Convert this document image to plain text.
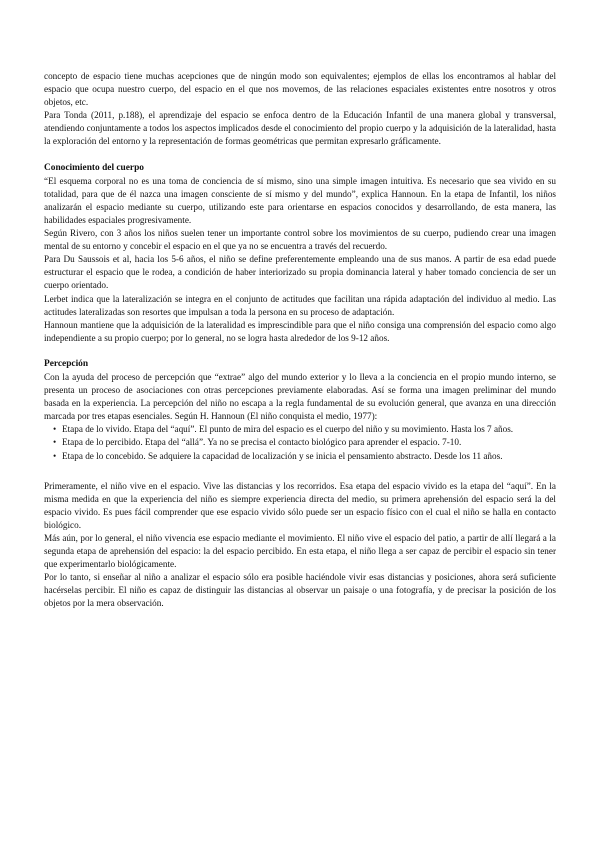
concepto de espacio tiene muchas acepciones que de ningún modo son equivalentes; ejemplos de ellas los encontramos al hablar del espacio que ocupa nuestro cuerpo, del espacio en el que nos movemos, de las relaciones espaciales existentes entre nosotros y otros objetos, etc.

Para Tonda (2011, p.188), el aprendizaje del espacio se enfoca dentro de la Educación Infantil de una manera global y transversal, atendiendo conjuntamente a todos los aspectos implicados desde el conocimiento del propio cuerpo y la adquisición de la lateralidad, hasta la exploración del entorno y la representación de formas geométricas que permitan expresarlo gráficamente.

Conocimiento del cuerpo

“El esquema corporal no es una toma de conciencia de sí mismo, sino una simple imagen intuitiva. Es necesario que sea vivido en su totalidad, para que de él nazca una imagen consciente de sí mismo y del mundo”, explica Hannoun. En la etapa de Infantil, los niños analizarán el espacio mediante su cuerpo, utilizando este para orientarse en espacios conocidos y desarrollando, de esta manera, las habilidades espaciales progresivamente.

Según Rivero, con 3 años los niños suelen tener un importante control sobre los movimientos de su cuerpo, pudiendo crear una imagen mental de su entorno y concebir el espacio en el que ya no se encuentra a través del recuerdo.

Para Du Saussois et al, hacia los 5-6 años, el niño se define preferentemente empleando una de sus manos. A partir de esa edad puede estructurar el espacio que le rodea, a condición de haber interiorizado su propia dominancia lateral y haber tomado conciencia de ser un cuerpo orientado.

Lerbet indica que la lateralización se integra en el conjunto de actitudes que facilitan una rápida adaptación del individuo al medio. Las actitudes lateralizadas son resortes que impulsan a toda la persona en su proceso de adaptación.

Hannoun mantiene que la adquisición de la lateralidad es imprescindible para que el niño consiga una comprensión del espacio como algo independiente a su propio cuerpo; por lo general, no se logra hasta alrededor de los 9-12 años.

Percepción

Con la ayuda del proceso de percepción que “extrae” algo del mundo exterior y lo lleva a la conciencia en el propio mundo interno, se presenta un proceso de asociaciones con otras percepciones previamente elaboradas. Así se forma una imagen preliminar del mundo basada en la experiencia. La percepción del niño no escapa a la regla fundamental de su evolución general, que avanza en una dirección marcada por tres etapas esenciales. Según H. Hannoun (El niño conquista el medio, 1977):

• Etapa de lo vivido. Etapa del “aquí”. El punto de mira del espacio es el cuerpo del niño y su movimiento. Hasta los 7 años.
• Etapa de lo percibido. Etapa del “allá”. Ya no se precisa el contacto biológico para aprender el espacio. 7-10.
• Etapa de lo concebido. Se adquiere la capacidad de localización y se inicia el pensamiento abstracto. Desde los 11 años.

Primeramente, el niño vive en el espacio. Vive las distancias y los recorridos. Esa etapa del espacio vivido es la etapa del “aquí”. En la misma medida en que la experiencia del niño es siempre experiencia directa del medio, su primera aprehensión del espacio será la del espacio vivido. Es pues fácil comprender que ese espacio vivido sólo puede ser un espacio físico con el cual el niño se halla en contacto biológico.

Más aún, por lo general, el niño vivencia ese espacio mediante el movimiento. El niño vive el espacio del patio, a partir de allí llegará a la segunda etapa de aprehensión del espacio: la del espacio percibido. En esta etapa, el niño llega a ser capaz de percibir el espacio sin tener que experimentarlo biológicamente.

Por lo tanto, si enseñar al niño a analizar el espacio sólo era posible haciéndole vivir esas distancias y posiciones, ahora será suficiente hacérselas percibir. El niño es capaz de distinguir las distancias al observar un paisaje o una fotografía, y de precisar la posición de los objetos por la mera observación.
